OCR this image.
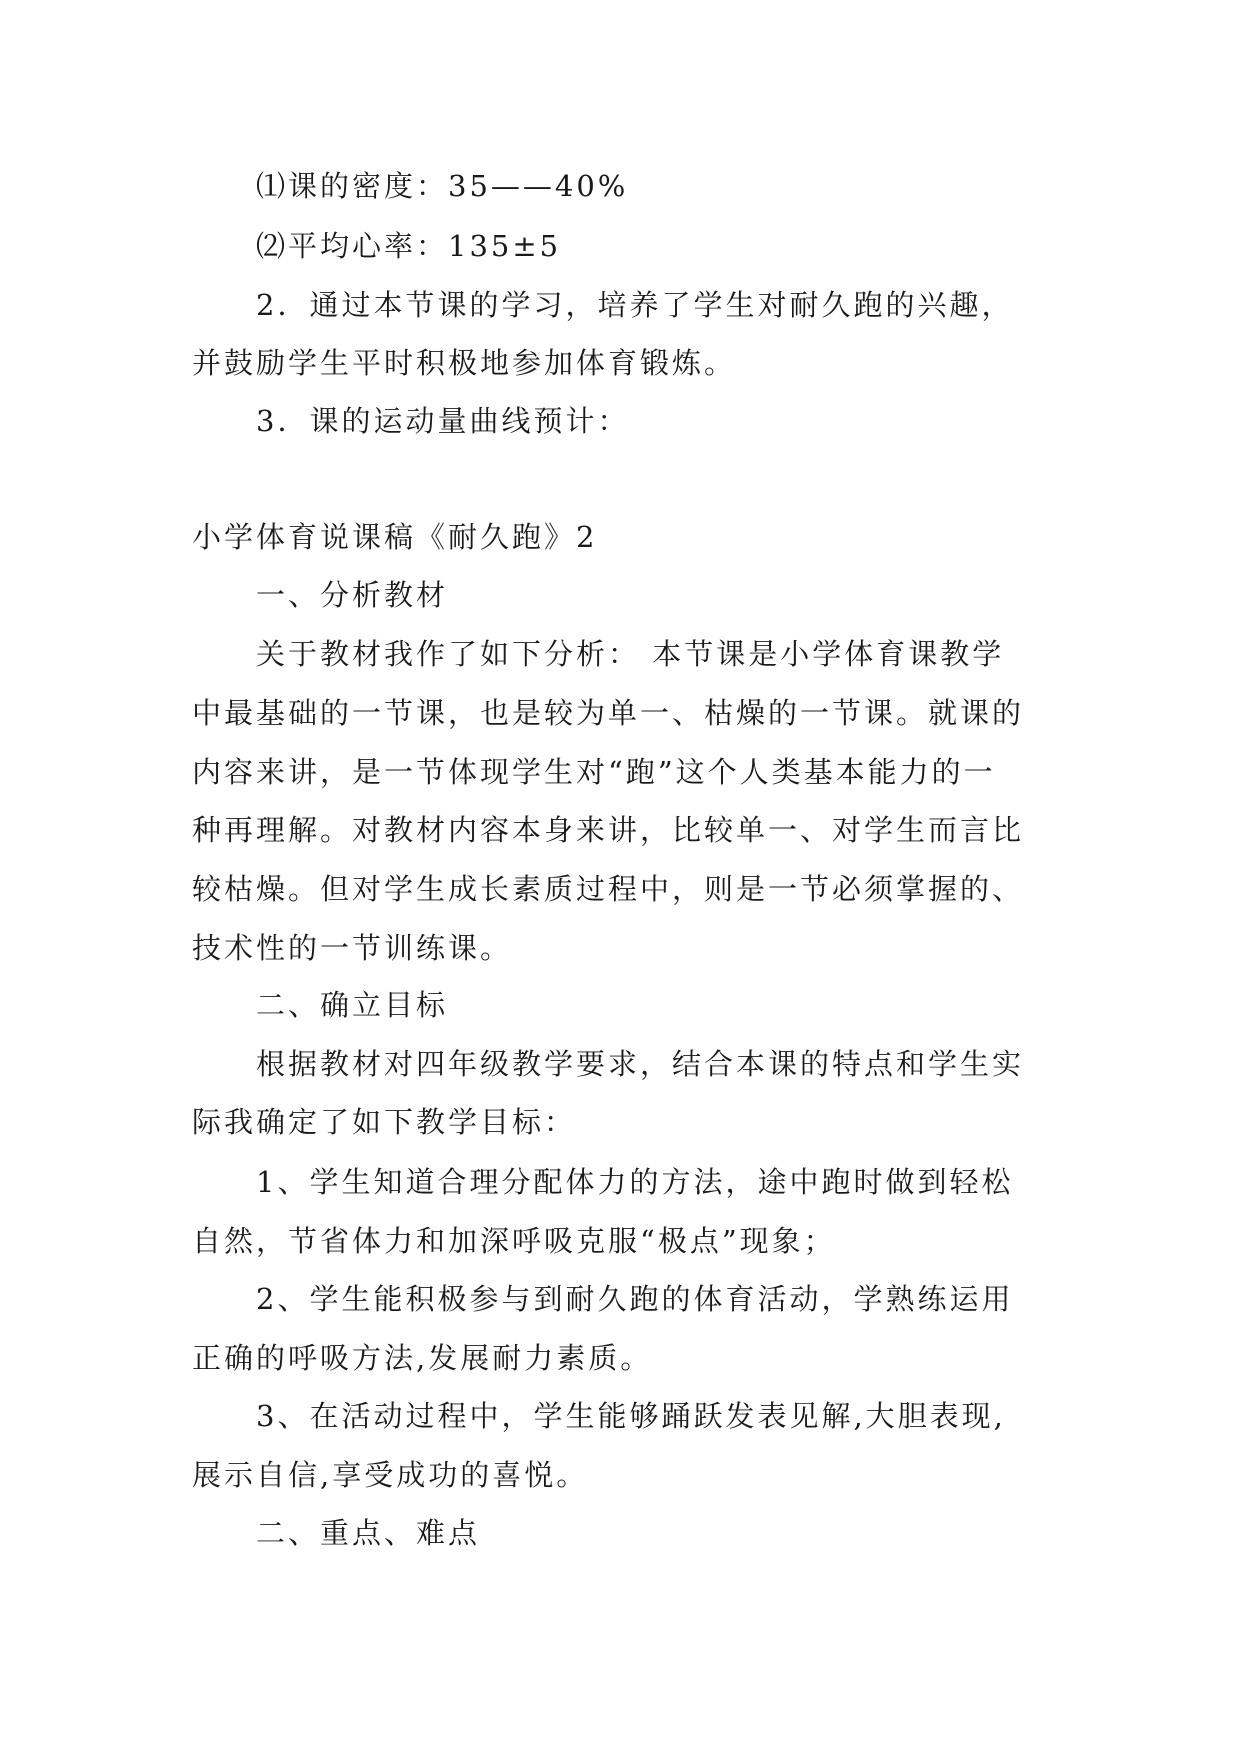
⑴课的密度：35——40%
⑵平均心率：135±5
2．通过本节课的学习，培养了学生对耐久跑的兴趣，
并鼓励学生平时积极地参加体育锻炼。
3．课的运动量曲线预计：
小学体育说课稿《耐久跑》2
一、分析教材
关于教材我作了如下分析： 本节课是小学体育课教学
中最基础的一节课，也是较为单一、枯燥的一节课。就课的
内容来讲，是一节体现学生对“跑”这个人类基本能力的一
种再理解。对教材内容本身来讲，比较单一、对学生而言比
较枯燥。但对学生成长素质过程中，则是一节必须掌握的、
技术性的一节训练课。
二、确立目标
根据教材对四年级教学要求，结合本课的特点和学生实
际我确定了如下教学目标：
1、学生知道合理分配体力的方法，途中跑时做到轻松
自然，节省体力和加深呼吸克服“极点”现象；
2、学生能积极参与到耐久跑的体育活动，学熟练运用
正确的呼吸方法,发展耐力素质。
3、在活动过程中，学生能够踊跃发表见解,大胆表现,
展示自信,享受成功的喜悦。
二、重点、难点
